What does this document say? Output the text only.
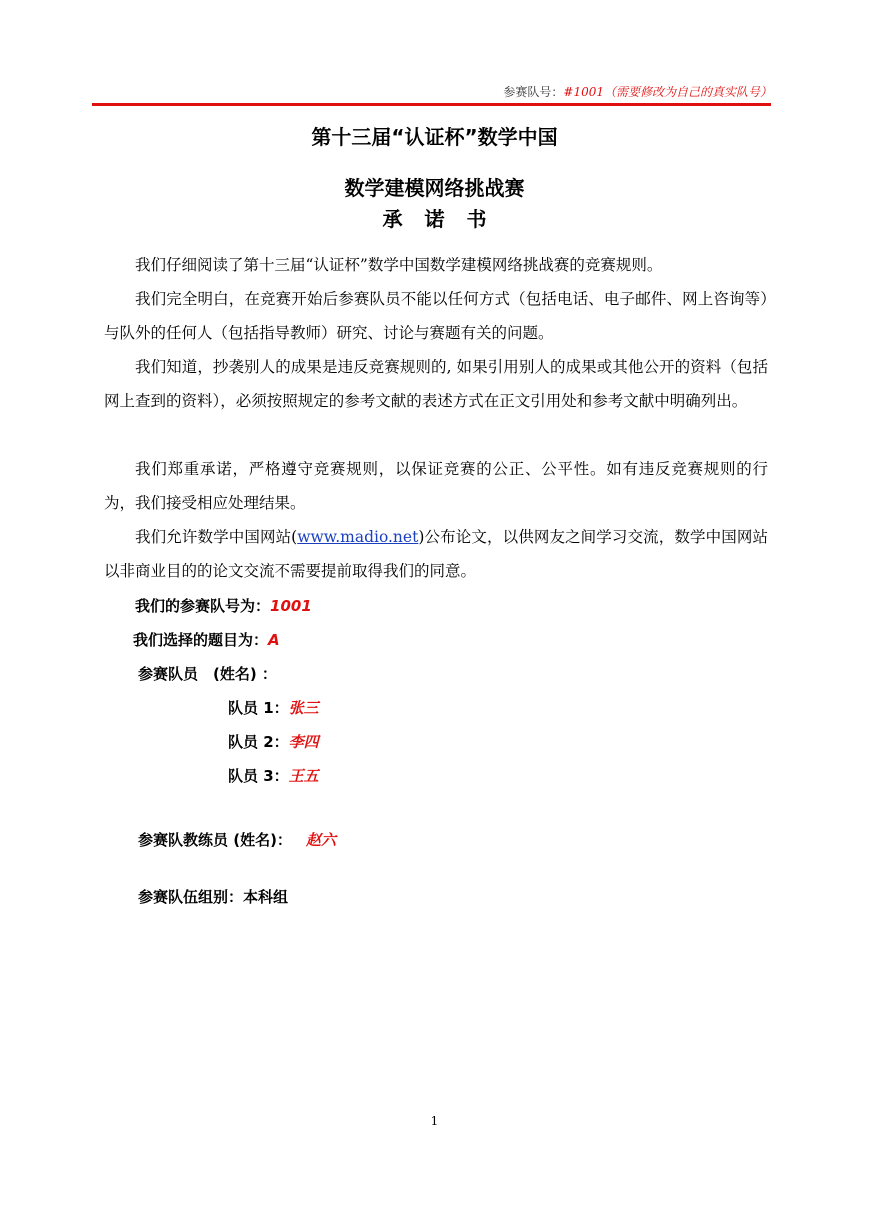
参赛队号：#1001（需要修改为自己的真实队号）
第十三届“认证杯”数学中国
数学建模网络挑战赛
承诺书
我们仔细阅读了第十三届“认证杯”数学中国数学建模网络挑战赛的竞赛规则。
我们完全明白，在竞赛开始后参赛队员不能以任何方式（包括电话、电子邮件、网上咨询等）与队外的任何人（包括指导教师）研究、讨论与赛题有关的问题。
我们知道，抄袭别人的成果是违反竞赛规则的, 如果引用别人的成果或其他公开的资料（包括网上查到的资料），必须按照规定的参考文献的表述方式在正文引用处和参考文献中明确列出。
我们郑重承诺，严格遵守竞赛规则，以保证竞赛的公正、公平性。如有违反竞赛规则的行为，我们接受相应处理结果。
我们允许数学中国网站(www.madio.net)公布论文，以供网友之间学习交流，数学中国网站以非商业目的的论文交流不需要提前取得我们的同意。
我们的参赛队号为：1001
我们选择的题目为：A
参赛队员　(姓名) ：
队员 1：张三
队员 2：李四
队员 3：王五
参赛队教练员 (姓名)： 赵六
参赛队伍组别：本科组
1
